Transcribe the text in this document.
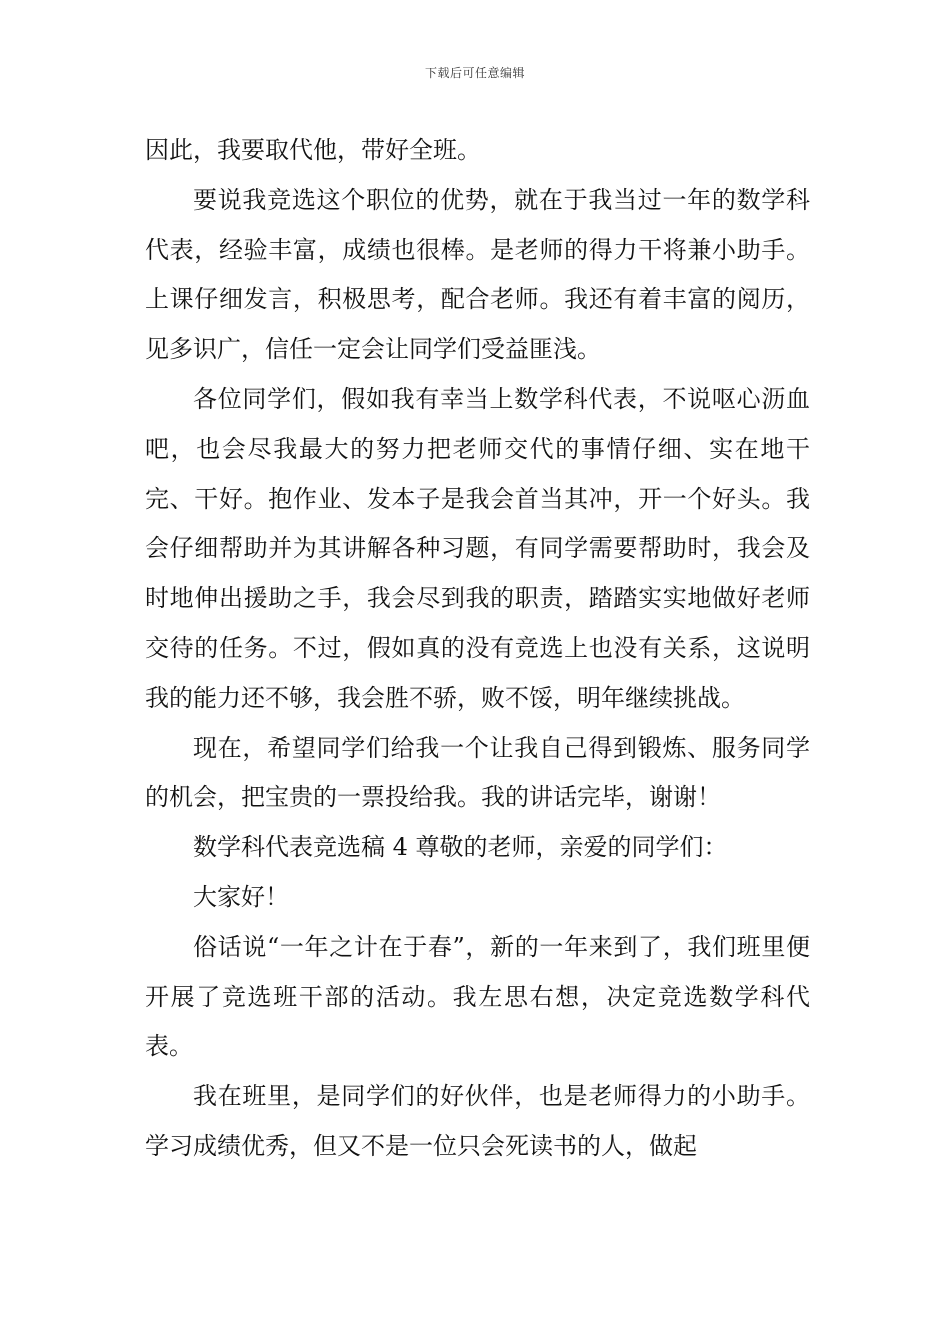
下载后可任意编辑

因此，我要取代他，带好全班。

要说我竞选这个职位的优势，就在于我当过一年的数学科代表，经验丰富，成绩也很棒。是老师的得力干将兼小助手。上课仔细发言，积极思考，配合老师。我还有着丰富的阅历，见多识广，信任一定会让同学们受益匪浅。

各位同学们，假如我有幸当上数学科代表，不说呕心沥血吧，也会尽我最大的努力把老师交代的事情仔细、实在地干完、干好。抱作业、发本子是我会首当其冲，开一个好头。我会仔细帮助并为其讲解各种习题，有同学需要帮助时，我会及时地伸出援助之手，我会尽到我的职责，踏踏实实地做好老师交待的任务。不过，假如真的没有竞选上也没有关系，这说明我的能力还不够，我会胜不骄，败不馁，明年继续挑战。

现在，希望同学们给我一个让我自己得到锻炼、服务同学的机会，把宝贵的一票投给我。我的讲话完毕，谢谢！

数学科代表竞选稿 4 尊敬的老师，亲爱的同学们：

大家好！

俗话说“一年之计在于春”，新的一年来到了，我们班里便开展了竞选班干部的活动。我左思右想，决定竞选数学科代表。

我在班里，是同学们的好伙伴，也是老师得力的小助手。学习成绩优秀，但又不是一位只会死读书的人，做起
